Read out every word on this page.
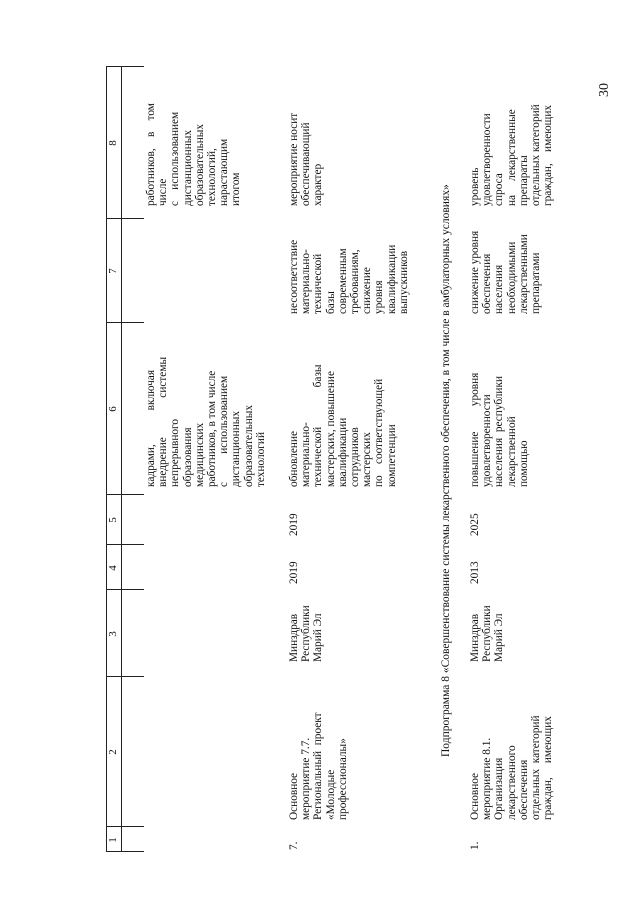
30
1
2
3
4
5
6
7
8
кадрами,            включая
внедрение              системы
непрерывного
образования
медицинских
работников, в том числе
с          использованием
дистанционных
образовательных
технологий
работников,    в    том
числе
с    использованием
дистанционных
образовательных
технологий,
нарастающим
итогом
7.
Основное
мероприятие 7.7.
Региональный  проект
«Молодые
профессионалы»
Минздрав
Республики
Марий Эл
2019
2019
обновление
материально-
технической              базы
мастерских, повышение
квалификации
сотрудников
мастерских
по    соответствующей
компетенции
несоответствие
материально-
технической
базы
современным
требованиям,
снижение
уровня
квалификации
выпускников
мероприятие носит
обеспечивающий
характер	Подпрограмма 8 «Совершенствование системы лекарственного обеспечения, в том числе в амбулаторных условиях»
1.
Основное
мероприятие 8.1.
Организация
лекарственного
обеспечения
отдельных  категорий
граждан,     имеющих
Минздрав
Республики
Марий Эл
2013
2025
повышение         уровня
удовлетворенности
населения  республики
лекарственной
помощью
снижение уровня
обеспечения
населения
необходимыми
лекарственными
препаратами
уровень
удовлетворенности
спроса
на     лекарственные
препараты
отдельных категорий
граждан,    имеющих
